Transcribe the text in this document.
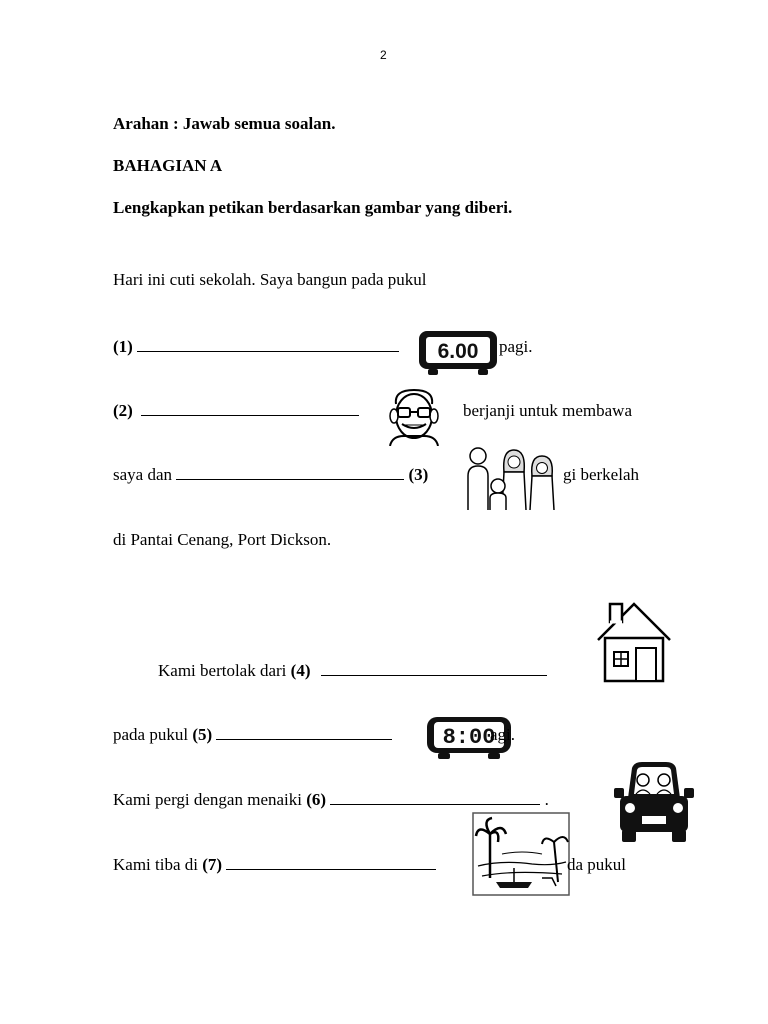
2
Arahan : Jawab semua soalan.
BAHAGIAN A
Lengkapkan petikan berdasarkan gambar yang diberi.
Hari ini cuti sekolah. Saya bangun pada pukul
(1)	6.00 pagi.
(2)	berjanji untuk membawa
saya dan	(3)	gi berkelah
di Pantai Cenang, Port Dickson.
Kami bertolak dari (4)
pada pukul (5)	8:00
agi.
Kami pergi dengan menaiki (6)	.
Kami tiba di (7)	da pukul
